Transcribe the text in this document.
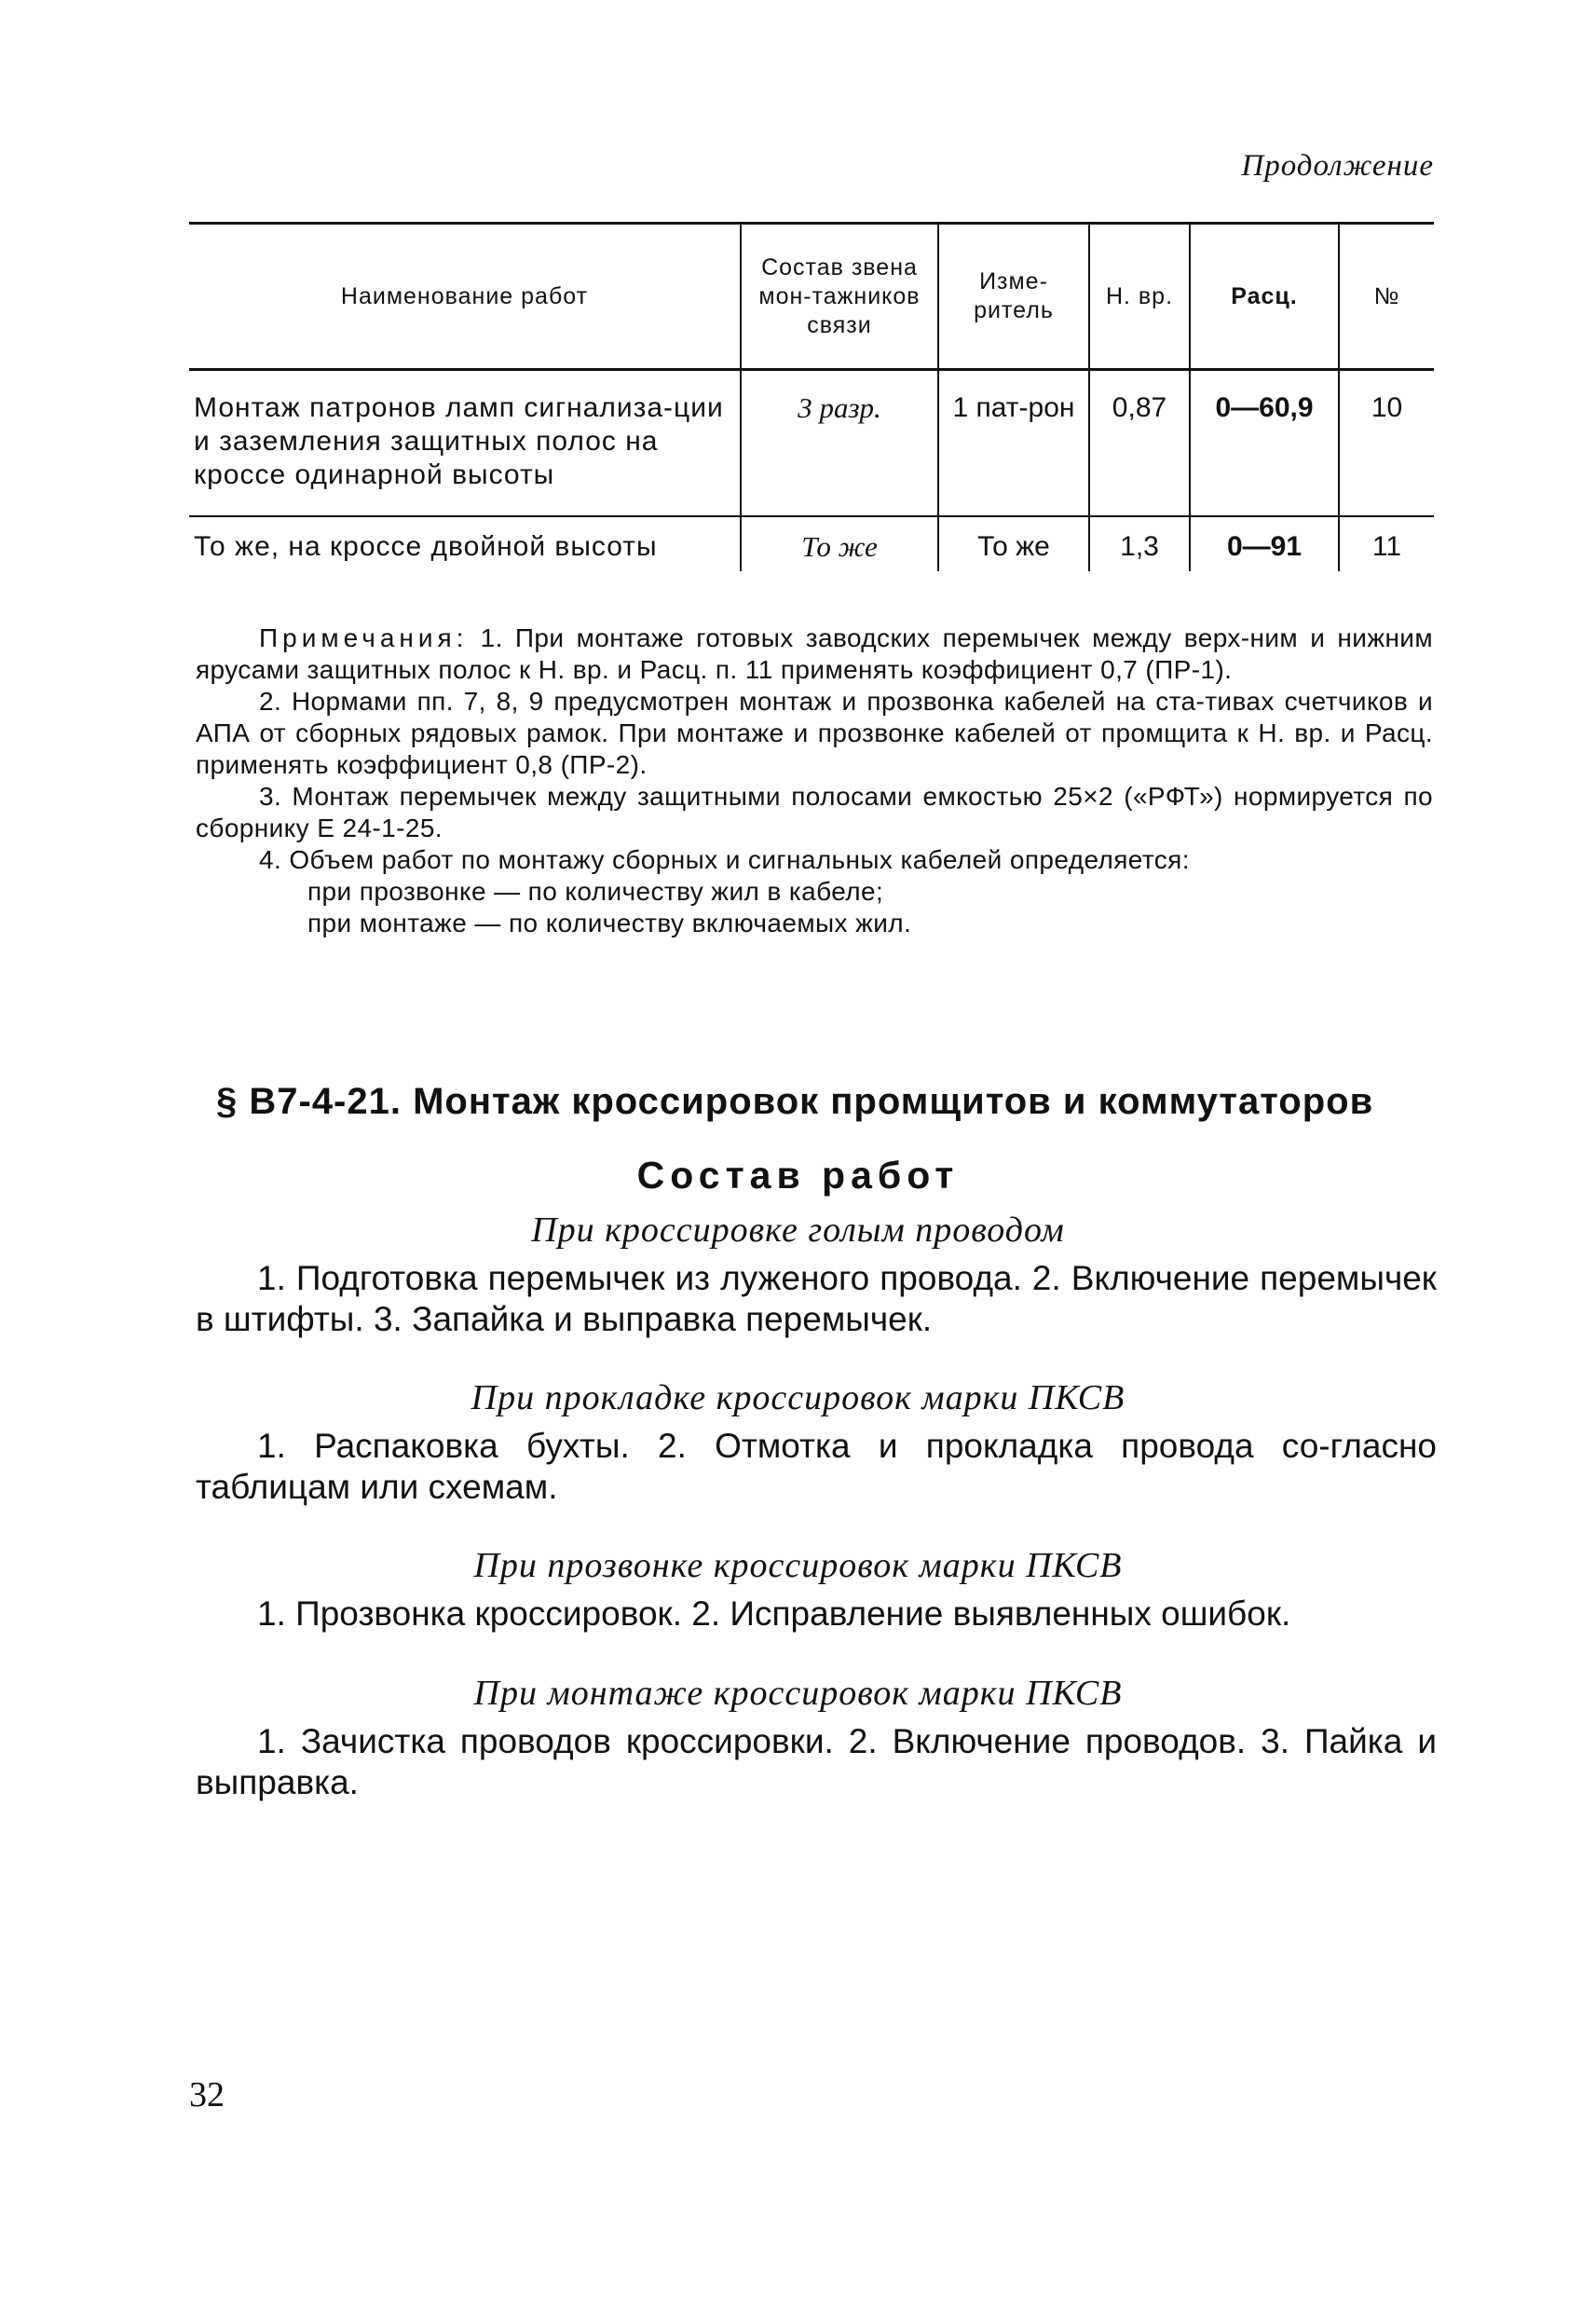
Продолжение
Наименование работ	Состав звена мон-тажников связи	Изме-ритель	Н. вр.	Расц.	№
Монтаж патронов ламп сигнализа-ции и заземления защитных полос на кроссе одинарной высоты	3 разр.	1 пат-рон	0,87	0—60,9	10
То же, на кроссе двойной высоты	То же	То же	1,3	0—91	11

Примечания: 1. При монтаже готовых заводских перемычек между верх-ним и нижним ярусами защитных полос к Н. вр. и Расц. п. 11 применять коэффициент 0,7 (ПР-1).

2. Нормами пп. 7, 8, 9 предусмотрен монтаж и прозвонка кабелей на ста-тивах счетчиков и АПА от сборных рядовых рамок. При монтаже и прозвонке кабелей от промщита к Н. вр. и Расц. применять коэффициент 0,8 (ПР-2).

3. Монтаж перемычек между защитными полосами емкостью 25×2 («РФТ») нормируется по сборнику Е 24-1-25.

4. Объем работ по монтажу сборных и сигнальных кабелей определяется:

при прозвонке — по количеству жил в кабеле;

при монтаже — по количеству включаемых жил.

§ В7-4-21. Монтаж кроссировок промщитов и коммутаторов
Состав работ
При кроссировке голым проводом

1. Подготовка перемычек из луженого провода. 2. Включение перемычек в штифты. 3. Запайка и выправка перемычек.

При прокладке кроссировок марки ПКСВ

1. Распаковка бухты. 2. Отмотка и прокладка провода со-гласно таблицам или схемам.

При прозвонке кроссировок марки ПКСВ

1. Прозвонка кроссировок. 2. Исправление выявленных ошибок.

При монтаже кроссировок марки ПКСВ

1. Зачистка проводов кроссировки. 2. Включение проводов. 3. Пайка и выправка.

32
